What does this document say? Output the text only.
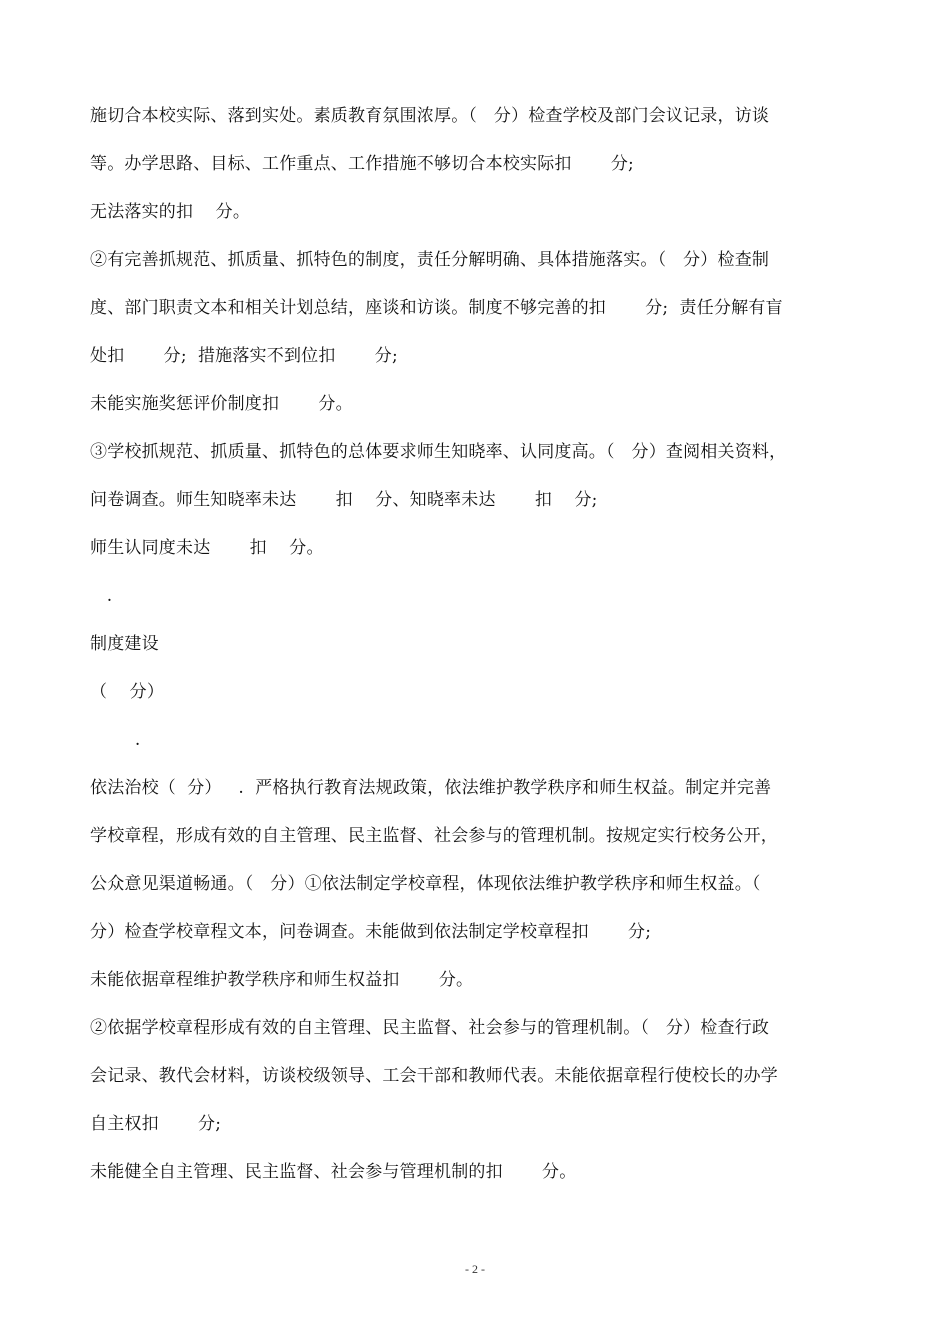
施切合本校实际、落到实处。素质教育氛围浓厚。（   分）检查学校及部门会议记录，访谈
等。办学思路、目标、工作重点、工作措施不够切合本校实际扣       分;
无法落实的扣    分。
②有完善抓规范、抓质量、抓特色的制度，责任分解明确、具体措施落实。（   分）检查制
度、部门职责文本和相关计划总结，座谈和访谈。制度不够完善的扣       分;  责任分解有盲
处扣       分;  措施落实不到位扣       分;
未能实施奖惩评价制度扣       分。
③学校抓规范、抓质量、抓特色的总体要求师生知晓率、认同度高。（   分）查阅相关资料，
问卷调查。师生知晓率未达       扣    分、知晓率未达       扣    分;
师生认同度未达       扣    分。
.
制度建设
（    分）
.
依法治校（  分）   .  严格执行教育法规政策，依法维护教学秩序和师生权益。制定并完善
学校章程，形成有效的自主管理、民主监督、社会参与的管理机制。按规定实行校务公开，
公众意见渠道畅通。（   分）①依法制定学校章程，体现依法维护教学秩序和师生权益。（
分）检查学校章程文本，问卷调查。未能做到依法制定学校章程扣       分;
未能依据章程维护教学秩序和师生权益扣       分。
②依据学校章程形成有效的自主管理、民主监督、社会参与的管理机制。（   分）检查行政
会记录、教代会材料，访谈校级领导、工会干部和教师代表。未能依据章程行使校长的办学
自主权扣       分;
未能健全自主管理、民主监督、社会参与管理机制的扣       分。
- 2 -
